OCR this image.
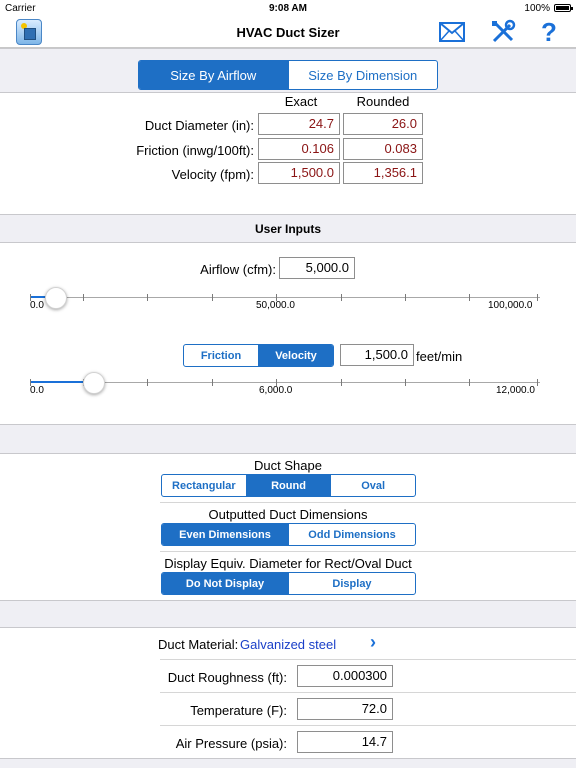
Carrier	9:08 AM	100%
HVAC Duct Sizer	?
Size By Airflow	Size By Dimension
Exact	Rounded
Duct Diameter (in):	24.7	26.0
Friction (inwg/100ft):	0.106	0.083
Velocity (fpm):	1,500.0	1,356.1
User Inputs
Airflow (cfm):	5,000.0
0.0	50,000.0	100,000.0
Friction	Velocity	1,500.0 feet/min
0.0	6,000.0	12,000.0
Duct Shape
Rectangular	Round	Oval
Outputted Duct Dimensions
Even Dimensions	Odd Dimensions
Display Equiv. Diameter for Rect/Oval Duct
Do Not Display	Display
Duct Material: Galvanized steel ›
Duct Roughness (ft):	0.000300
Temperature (F):	72.0
Air Pressure (psia):	14.7
